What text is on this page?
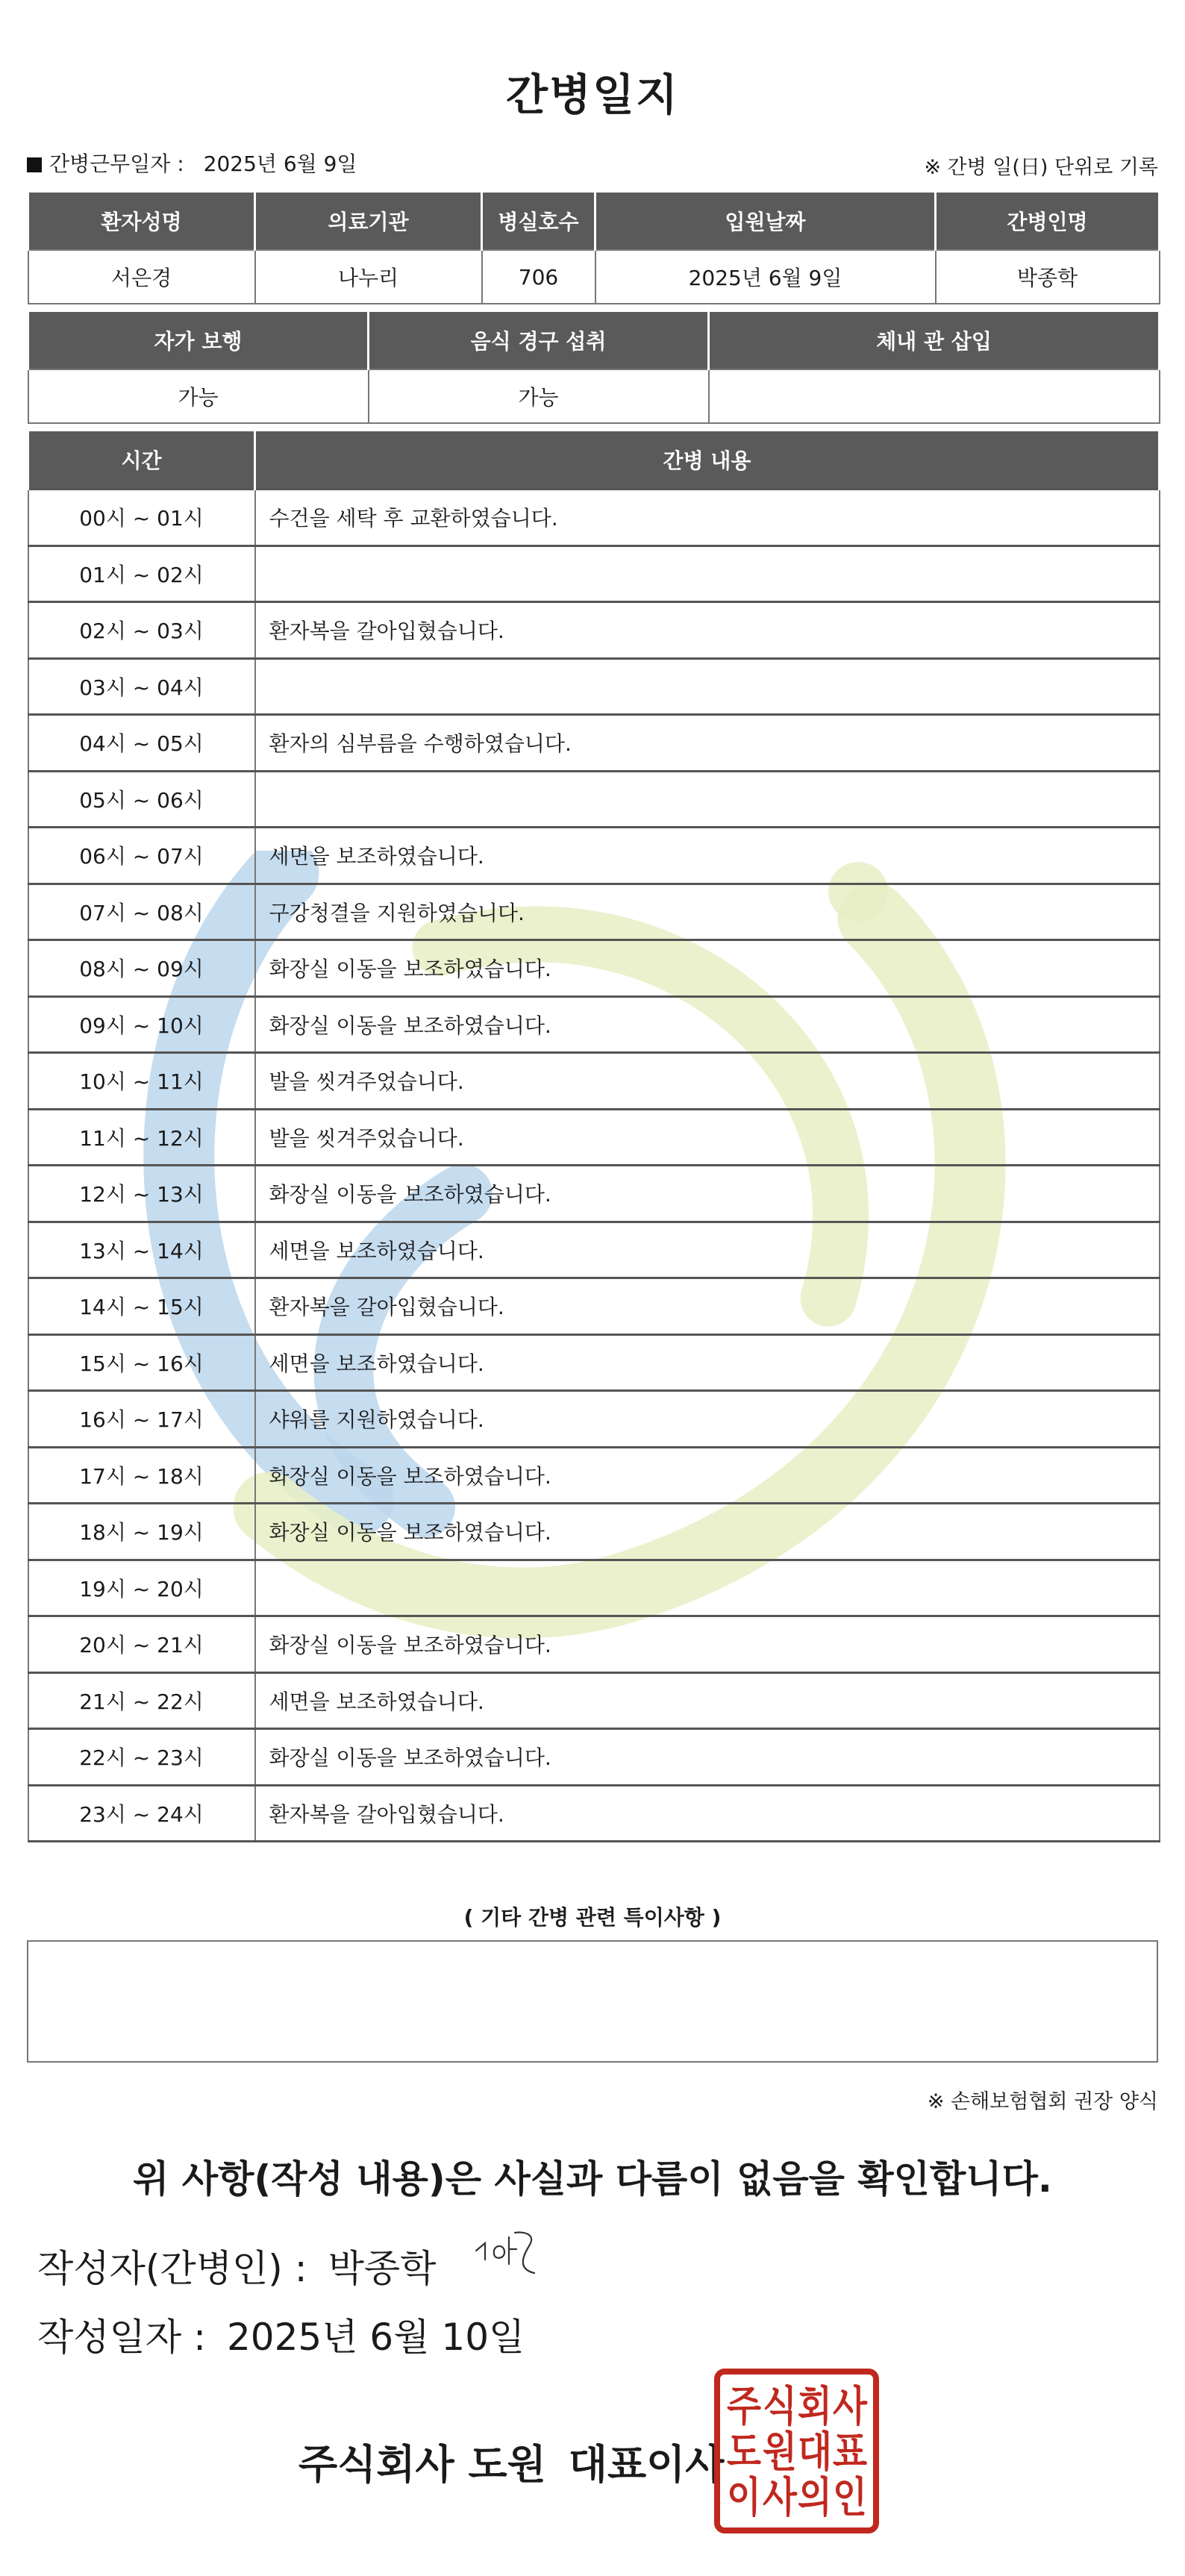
간병일지
간병근무일자 : 2025년 6월 9일	※ 간병 일(日) 단위로 기록
환자성명	의료기관	병실호수	입원날짜	간병인명
서은경	나누리	706	2025년 6월 9일	박종학
자가 보행	음식 경구 섭취	체내 관 삽입
가능	가능	
시간	간병 내용
00시 ~ 01시	수건을 세탁 후 교환하였습니다.
01시 ~ 02시	
02시 ~ 03시	환자복을 갈아입혔습니다.
03시 ~ 04시	
04시 ~ 05시	환자의 심부름을 수행하였습니다.
05시 ~ 06시	
06시 ~ 07시	세면을 보조하였습니다.
07시 ~ 08시	구강청결을 지원하였습니다.
08시 ~ 09시	화장실 이동을 보조하였습니다.
09시 ~ 10시	화장실 이동을 보조하였습니다.
10시 ~ 11시	발을 씻겨주었습니다.
11시 ~ 12시	발을 씻겨주었습니다.
12시 ~ 13시	화장실 이동을 보조하였습니다.
13시 ~ 14시	세면을 보조하였습니다.
14시 ~ 15시	환자복을 갈아입혔습니다.
15시 ~ 16시	세면을 보조하였습니다.
16시 ~ 17시	샤워를 지원하였습니다.
17시 ~ 18시	화장실 이동을 보조하였습니다.
18시 ~ 19시	화장실 이동을 보조하였습니다.
19시 ~ 20시	
20시 ~ 21시	화장실 이동을 보조하였습니다.
21시 ~ 22시	세면을 보조하였습니다.
22시 ~ 23시	화장실 이동을 보조하였습니다.
23시 ~ 24시	환자복을 갈아입혔습니다.
( 기타 간병 관련 특이사항 )
※ 손해보험협회 권장 양식
위 사항(작성 내용)은 사실과 다름이 없음을 확인합니다.
작성자(간병인) : 박종학
작성일자 : 2025년 6월 10일
주식회사 도원 대표이사
주 식 회 사
도 원 대 표
이 사 의 인
